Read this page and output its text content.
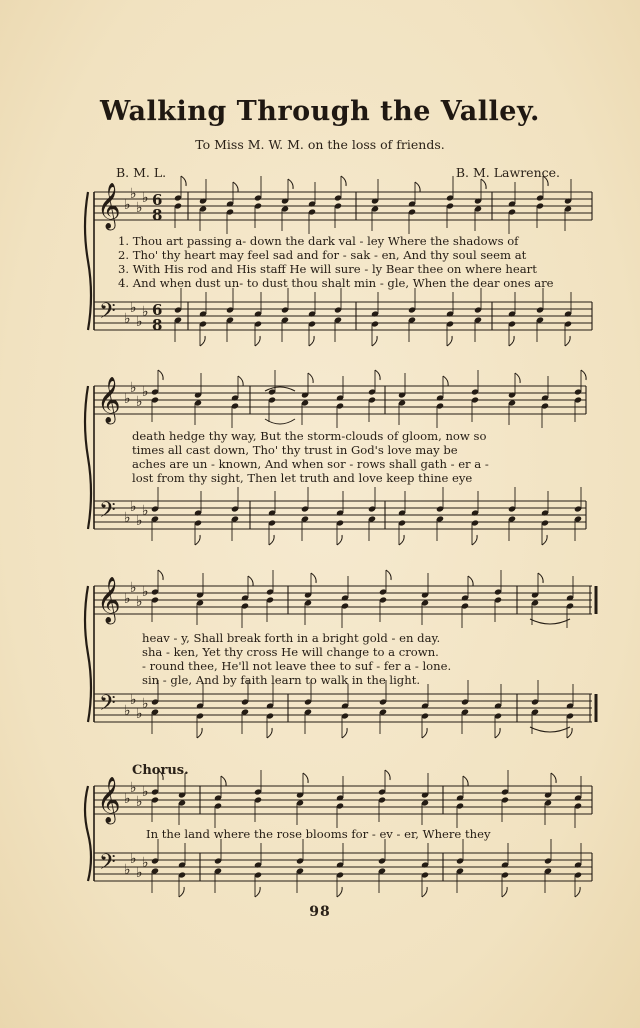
Walking Through the Valley.
To Miss M. W. M. on the loss of friends.
B. M. L.	B. M. Lawrence.
𝄞
𝄢
♭
♭
♭
♭
♭
♭
♭
♭
6
8
6
8
𝄞
𝄢
♭
♭
♭
♭
♭
♭
♭
♭
𝄞
𝄢
♭
♭
♭
♭
♭
♭
♭
♭
𝄞
𝄢
♭
♭
♭
♭
♭
♭
♭
♭
1. Thou art passing a- down the dark val - ley Where the shadows of
2. Tho' thy heart may feel sad and for - sak - en, And thy soul seem at
3. With His rod and His staff He will sure - ly Bear thee on where heart
4. And when dust un- to dust thou shalt min - gle, When the dear ones are
death hedge thy way, But the storm-clouds of gloom, now so
times all cast down, Tho' thy trust in God's love may be
aches are un - known, And when sor - rows shall gath - er a -
lost from thy sight, Then let truth and love keep thine eye
heav - y, Shall break forth in a bright gold - en day.
sha - ken, Yet thy cross He will change to a crown.
- round thee, He'll not leave thee to suf - fer a - lone.
sin - gle, And by faith learn to walk in the light.
Chorus.
In the land where the rose blooms for - ev - er, Where they
98
